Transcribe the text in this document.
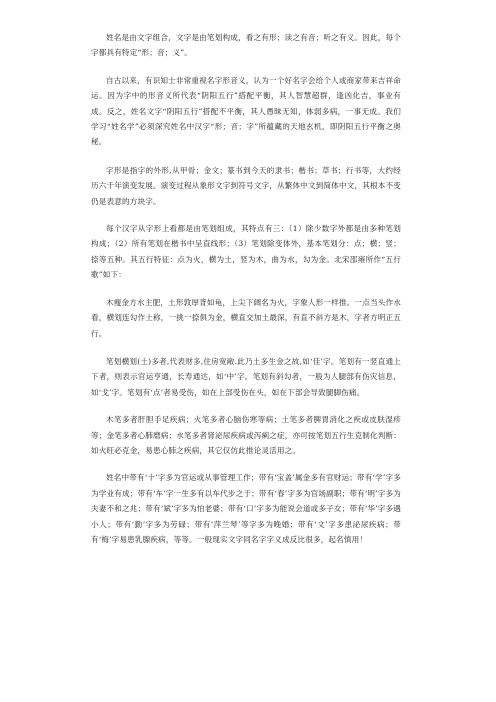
姓名是由文字组合，文字是由笔划构成，看之有形；读之有音；听之有义。因此，每个字都具有特定“形；音；义”。

自古以来，有识知士非常重视名字形音义，认为一个好名字会给个人或商家带来吉祥命运。因为字中的形音义所代表“阴阳五行”搭配平衡，其人智慧超群，逢凶化吉，事业有成。反之，姓名文字“阴阳五行”搭配不平衡，其人愚昧无知，体弱多病，一事无成。我们学习“姓名学”必须深究姓名中汉字“形；音；字”所蕴藏的天地玄机，即阴阳五行平衡之奥秘。

字形是指字的外形,从甲骨；金文；篆书到今天的隶书；楷书；草书；行书等，大约经历六千年演变发展。演变过程从象形文字到符号文字，从繁体中文到简体中文，其根本不变仍是表意的方块字。

每个汉字从字形上看都是由笔划组成，其特点有三：（1）除少数字外都是由多种笔划构成；（2）所有笔划在楷书中呈直线形；（3）笔划除变体外，基本笔划分：点；横；竖；捺等五种。其五行特征：点为火，横为土，竖为木，曲为水，勾为金。北宋邵雍所作“五行歌”如下：

木瘦金方水主肥，土形敦厚背如龟，上尖下阔名为火，字象人形一样推。一点当头作水看，横划连勾作土称，一挑一捺俱为金，横直交加土最深，有直不斜方是木，字者方明正五行。

笔划横划(土)多者,代表财多,住房宽敞.此乃土多生金之故,如‘佳’字。笔划有一竖直通上下者，则表示官运亨通，长寿通达，如‘中’字。笔划有斜勾者，一般为人腿部有伤灾信息，如‘戈’字。笔划有‘点’者易受伤，如在上部受伤在头，如在下部会导致腿脚伤痛。

木笔多者肝胆手足疾病；火笔多者心脑伤寒等病；土笔多者脾胃消化之疾或皮肤湿疹等；金笔多者心肺磨病；水笔多者肾泌尿疾病或泻痢之症，亦可按笔划五行生克制化判断：如火旺必克金，易患心肺之疾病，其它仅仿此推论灵活用之。

姓名中带有‘十’字多为官运或从事管理工作；带有‘宝盖’属金多有官财运；带有‘学’字多为学业有成；带有‘车’字一生多有以车代步之于；带有‘春’字多为官场副职；带有‘明’字多为夫妻不和之兆；带有‘斌’字多为怕老婆；带有‘口’字多为能说会道或多子女；带有‘华’字多遇小人；带有‘勤’字多为劳碌；带有‘萍兰琴’等字多为晚婚；带有‘文’字多患泌尿疾病；带有‘梅’字易患乳腺疾病，等等。一般现实文字同名字字义成反比很多，起名慎用！
